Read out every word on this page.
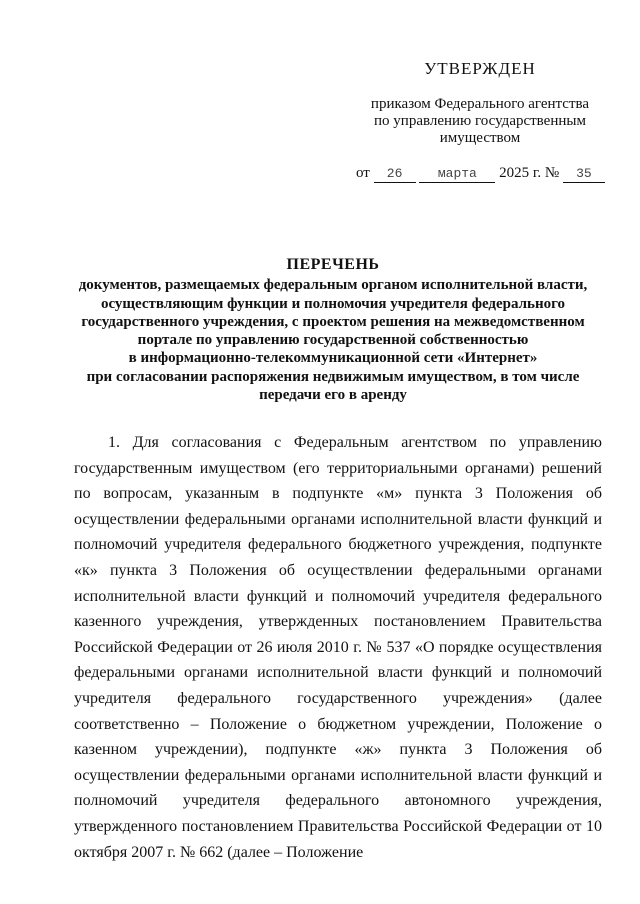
УТВЕРЖДЕН
приказом Федерального агентства
по управлению государственным
имуществом
от 26	марта 2025 г. № 35
ПЕРЕЧЕНЬ
документов, размещаемых федеральным органом исполнительной власти,
осуществляющим функции и полномочия учредителя федерального
государственного учреждения, с проектом решения на межведомственном
портале по управлению государственной собственностью
в информационно-телекоммуникационной сети «Интернет»
при согласовании распоряжения недвижимым имуществом, в том числе
передачи его в аренду

1. Для согласования с Федеральным агентством по управлению государственным имуществом (его территориальными органами) решений по вопросам, указанным в подпункте «м» пункта 3 Положения об осуществлении федеральными органами исполнительной власти функций и полномочий учредителя федерального бюджетного учреждения, подпункте «к» пункта 3 Положения об осуществлении федеральными органами исполнительной власти функций и полномочий учредителя федерального казенного учреждения, утвержденных постановлением Правительства Российской Федерации от 26 июля 2010 г. № 537 «О порядке осуществления федеральными органами исполнительной власти функций и полномочий учредителя федерального государственного учреждения» (далее соответственно – Положение о бюджетном учреждении, Положение о казенном учреждении), подпункте «ж» пункта 3 Положения об осуществлении федеральными органами исполнительной власти функций и полномочий учредителя федерального автономного учреждения, утвержденного постановлением Правительства Российской Федерации от 10 октября 2007 г. № 662 (далее – Положение
